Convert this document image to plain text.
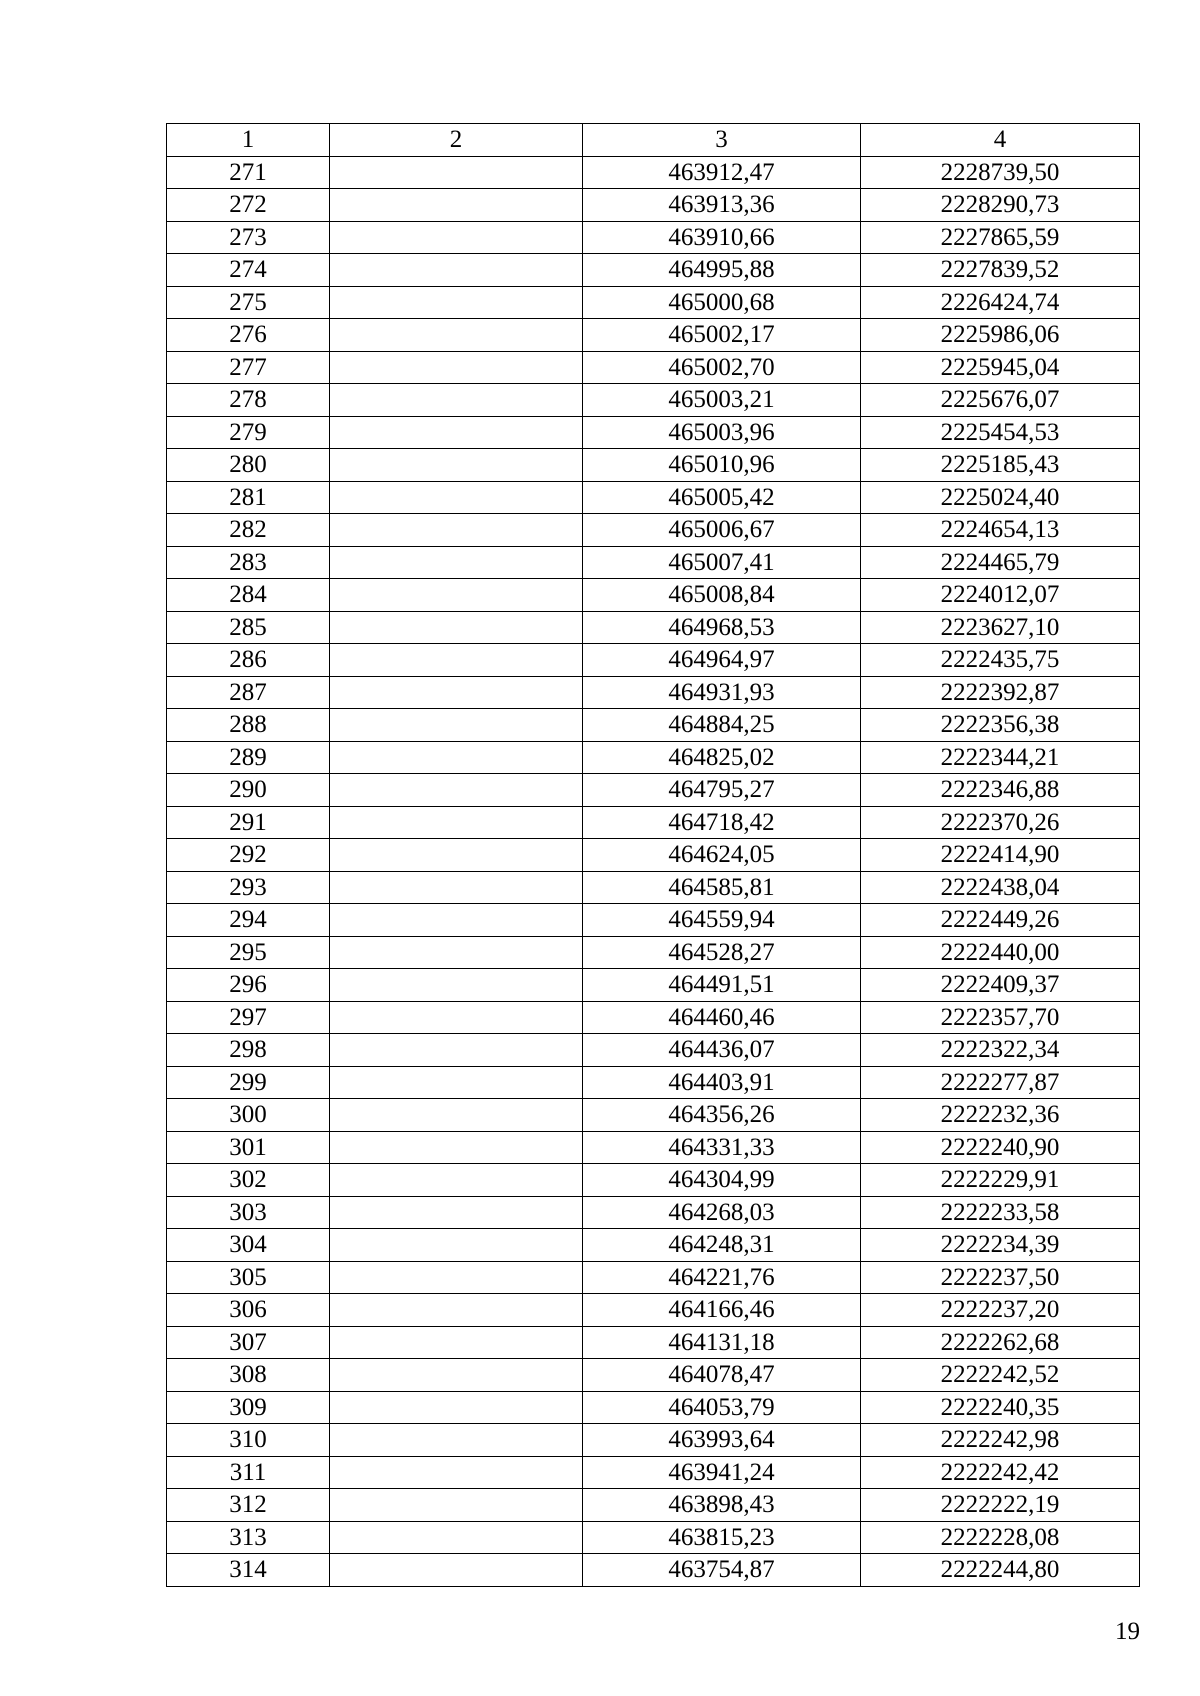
1	2	3	4
271		463912,47	2228739,50
272		463913,36	2228290,73
273		463910,66	2227865,59
274		464995,88	2227839,52
275		465000,68	2226424,74
276		465002,17	2225986,06
277		465002,70	2225945,04
278		465003,21	2225676,07
279		465003,96	2225454,53
280		465010,96	2225185,43
281		465005,42	2225024,40
282		465006,67	2224654,13
283		465007,41	2224465,79
284		465008,84	2224012,07
285		464968,53	2223627,10
286		464964,97	2222435,75
287		464931,93	2222392,87
288		464884,25	2222356,38
289		464825,02	2222344,21
290		464795,27	2222346,88
291		464718,42	2222370,26
292		464624,05	2222414,90
293		464585,81	2222438,04
294		464559,94	2222449,26
295		464528,27	2222440,00
296		464491,51	2222409,37
297		464460,46	2222357,70
298		464436,07	2222322,34
299		464403,91	2222277,87
300		464356,26	2222232,36
301		464331,33	2222240,90
302		464304,99	2222229,91
303		464268,03	2222233,58
304		464248,31	2222234,39
305		464221,76	2222237,50
306		464166,46	2222237,20
307		464131,18	2222262,68
308		464078,47	2222242,52
309		464053,79	2222240,35
310		463993,64	2222242,98
311		463941,24	2222242,42
312		463898,43	2222222,19
313		463815,23	2222228,08
314		463754,87	2222244,80
19
